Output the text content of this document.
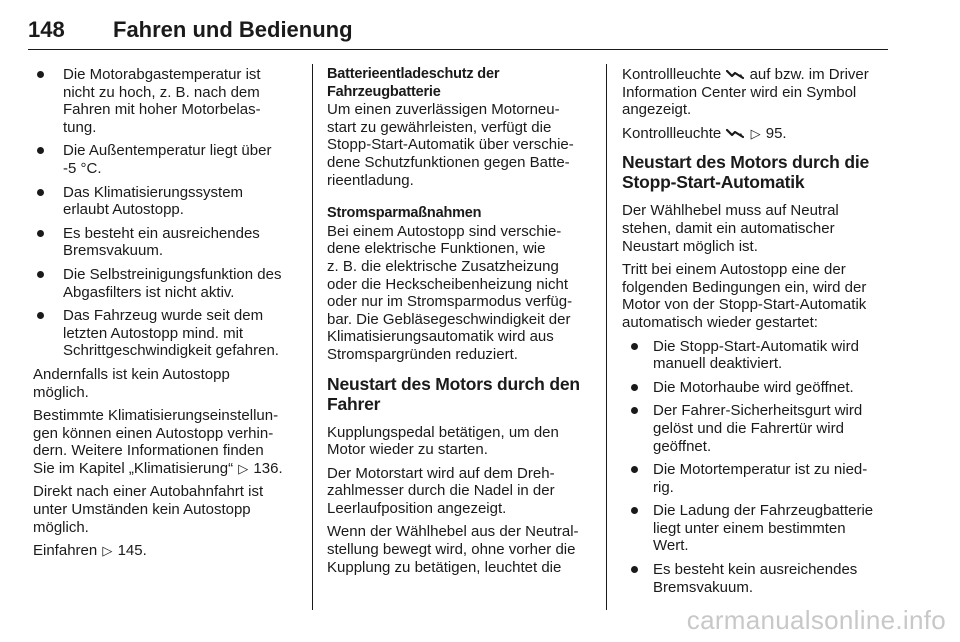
148 Fahren und Bedienung
Die Motorabgastemperatur ist
nicht zu hoch, z. B. nach dem
Fahren mit hoher Motorbelas-
tung.
Die Außentemperatur liegt über
-5 °C.
Das Klimatisierungssystem
erlaubt Autostopp.
Es besteht ein ausreichendes
Bremsvakuum.
Die Selbstreinigungsfunktion des
Abgasfilters ist nicht aktiv.
Das Fahrzeug wurde seit dem
letzten Autostopp mind. mit
Schrittgeschwindigkeit gefahren.

Andernfalls ist kein Autostopp
möglich.

Bestimmte Klimatisierungseinstellun-
gen können einen Autostopp verhin-
dern. Weitere Informationen finden
Sie im Kapitel „Klimatisierung“ ▷ 136.

Direkt nach einer Autobahnfahrt ist
unter Umständen kein Autostopp
möglich.

Einfahren ▷ 145.

Batterieentladeschutz der
Fahrzeugbatterie

Um einen zuverlässigen Motorneu-
start zu gewährleisten, verfügt die
Stopp-Start-Automatik über verschie-
dene Schutzfunktionen gegen Batte-
rieentladung.

Stromsparmaßnahmen

Bei einem Autostopp sind verschie-
dene elektrische Funktionen, wie
z. B. die elektrische Zusatzheizung
oder die Heckscheibenheizung nicht
oder nur im Stromsparmodus verfüg-
bar. Die Gebläsegeschwindigkeit der
Klimatisierungsautomatik wird aus
Stromspargründen reduziert.

Neustart des Motors durch den
Fahrer

Kupplungspedal betätigen, um den
Motor wieder zu starten.

Der Motorstart wird auf dem Dreh-
zahlmesser durch die Nadel in der
Leerlaufposition angezeigt.

Wenn der Wählhebel aus der Neutral-
stellung bewegt wird, ohne vorher die
Kupplung zu betätigen, leuchtet die

Kontrollleuchte auf bzw. im Driver
Information Center wird ein Symbol
angezeigt.

Kontrollleuchte ▷ 95.

Neustart des Motors durch die
Stopp-Start-Automatik

Der Wählhebel muss auf Neutral
stehen, damit ein automatischer
Neustart möglich ist.

Tritt bei einem Autostopp eine der
folgenden Bedingungen ein, wird der
Motor von der Stopp-Start-Automatik
automatisch wieder gestartet:

Die Stopp-Start-Automatik wird
manuell deaktiviert.
Die Motorhaube wird geöffnet.
Der Fahrer-Sicherheitsgurt wird
gelöst und die Fahrertür wird
geöffnet.
Die Motortemperatur ist zu nied-
rig.
Die Ladung der Fahrzeugbatterie
liegt unter einem bestimmten
Wert.
Es besteht kein ausreichendes
Bremsvakuum.
carmanualsonline.info
